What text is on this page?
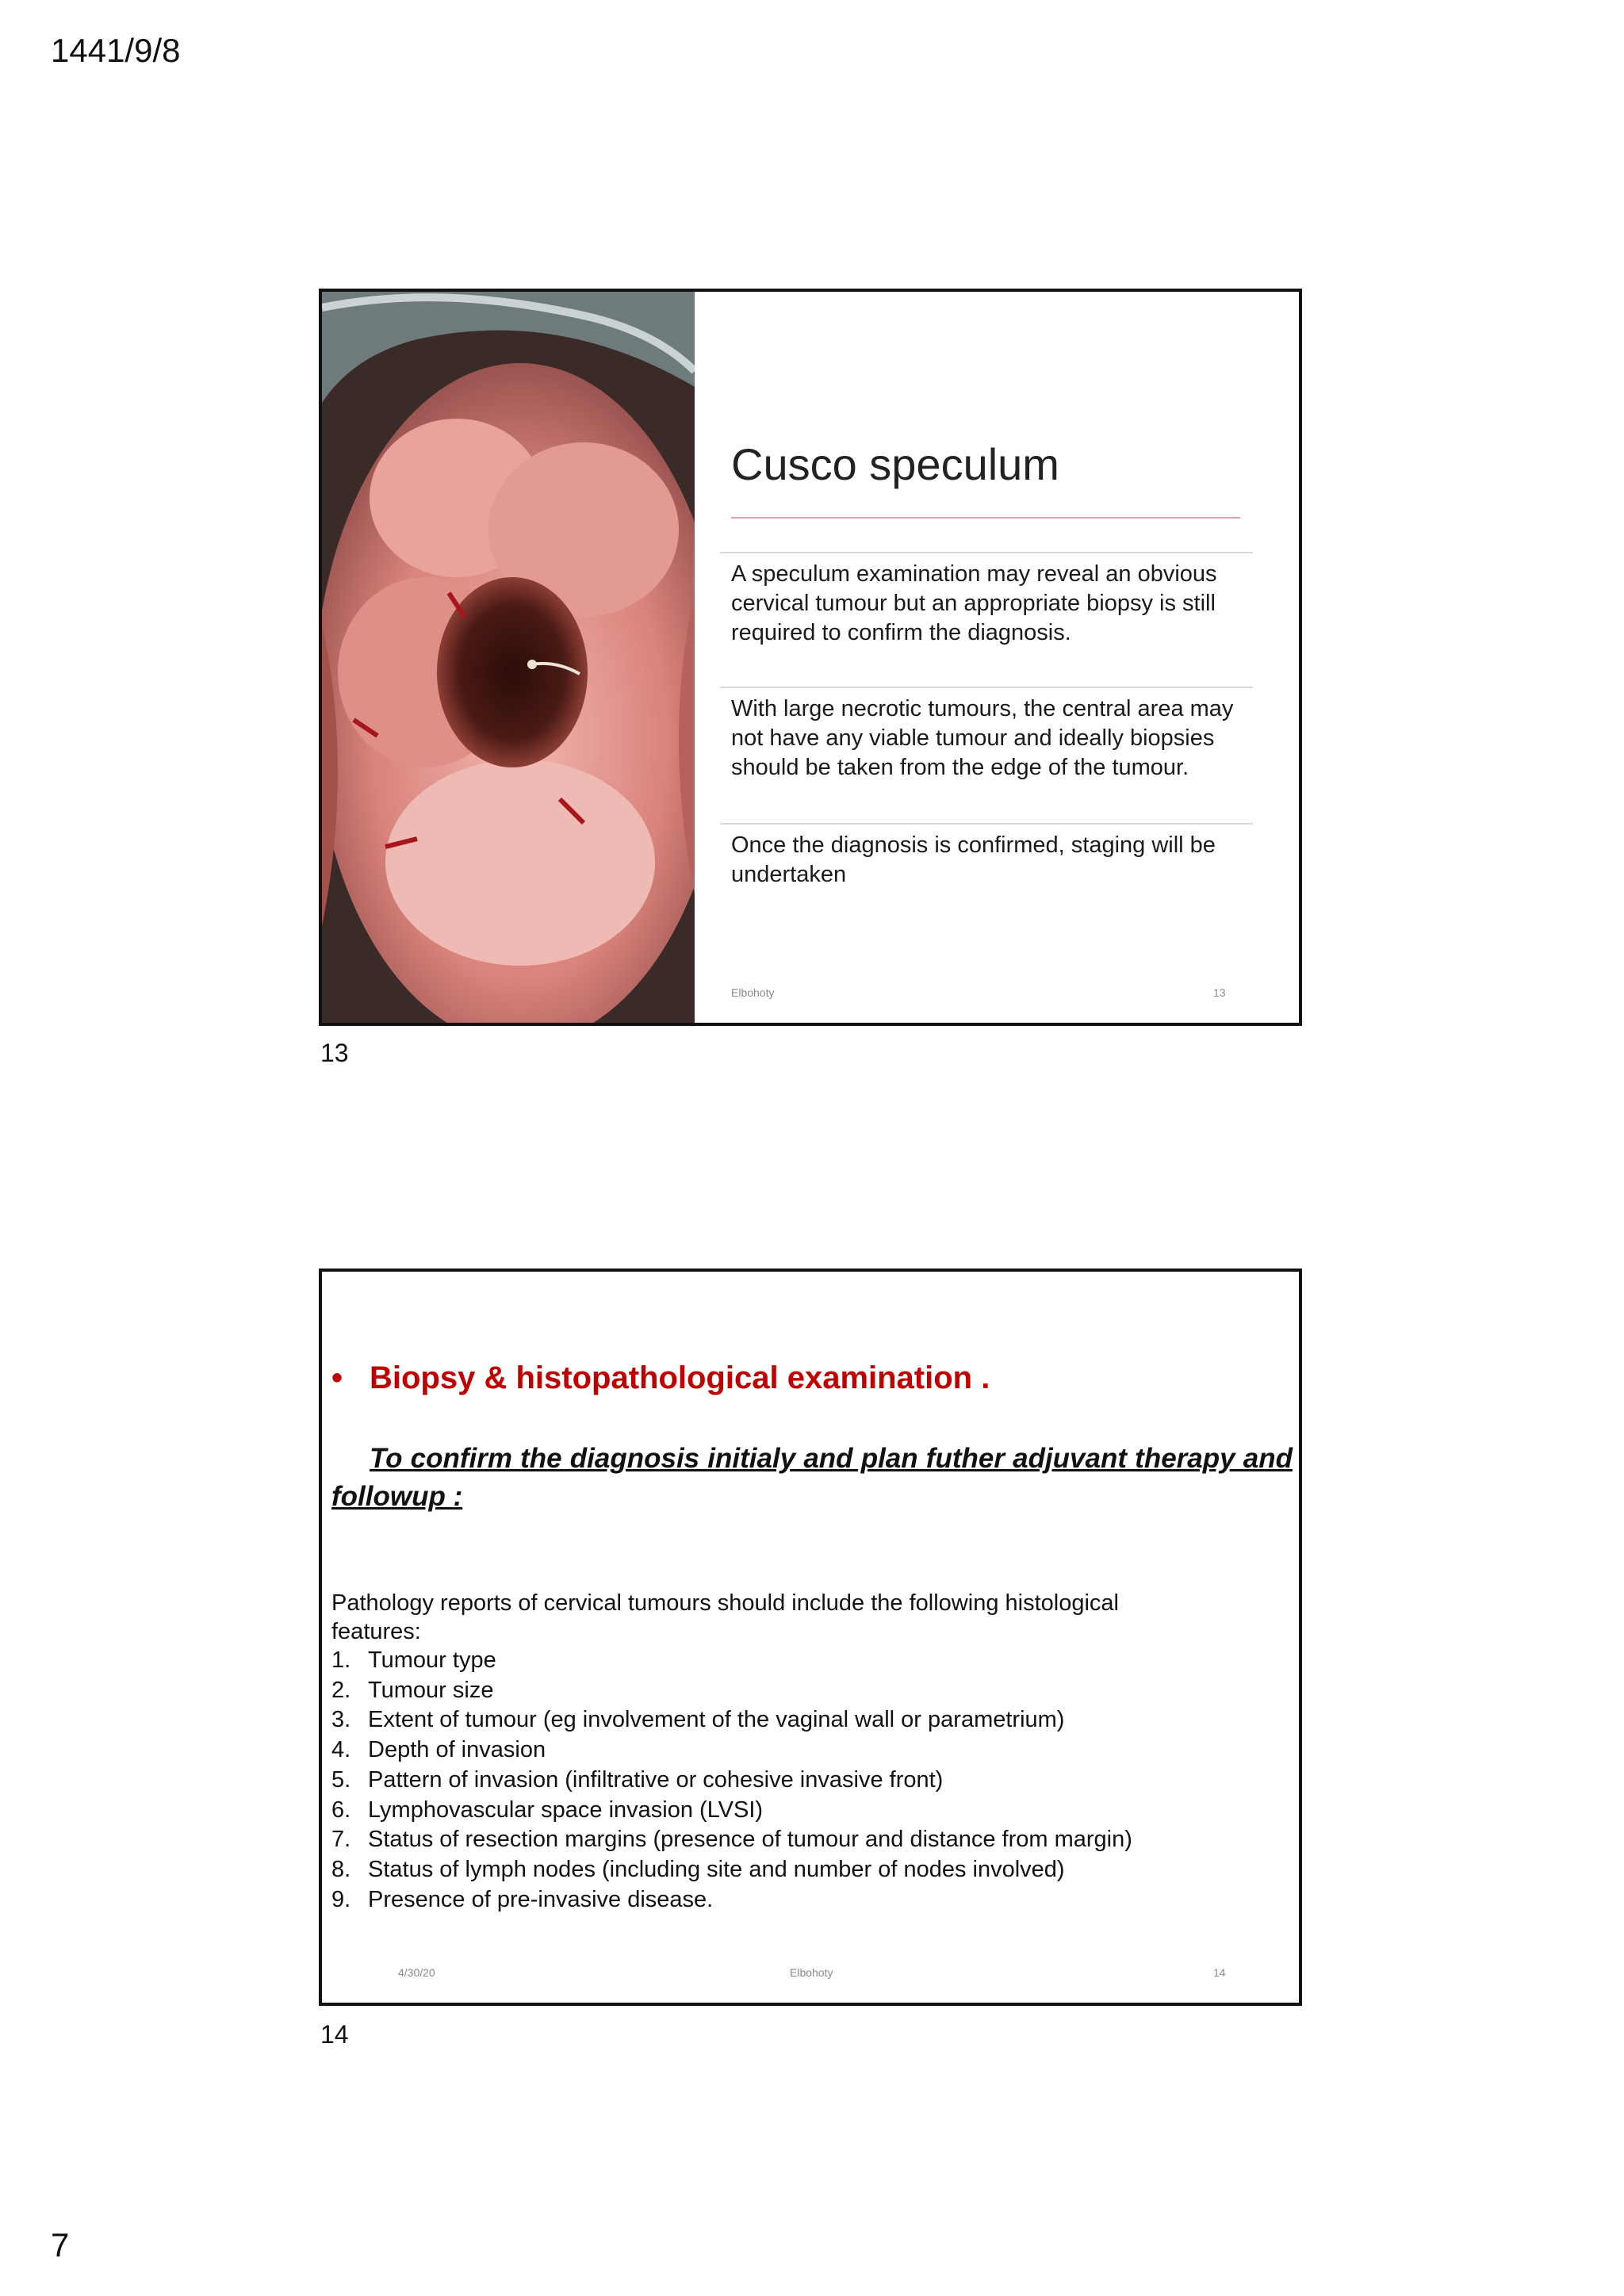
1441/9/8
Cusco speculum
A speculum examination may reveal an obvious cervical tumour but an appropriate biopsy is still required to confirm the diagnosis.
With large necrotic tumours, the central area may not have any viable tumour and ideally biopsies should be taken from the edge of the tumour.
Once the diagnosis is confirmed, staging will be undertaken
Elbohoty	13
13
• Biopsy & histopathological examination .
To confirm the diagnosis initialy and plan futher adjuvant therapy and followup :
Pathology reports of cervical tumours should include the following histological features:
1. Tumour type
2. Tumour size
3. Extent of tumour (eg involvement of the vaginal wall or parametrium)
4. Depth of invasion
5. Pattern of invasion (infiltrative or cohesive invasive front)
6. Lymphovascular space invasion (LVSI)
7. Status of resection margins (presence of tumour and distance from margin)
8. Status of lymph nodes (including site and number of nodes involved)
9. Presence of pre-invasive disease.
4/30/20	Elbohoty	14
14
7
